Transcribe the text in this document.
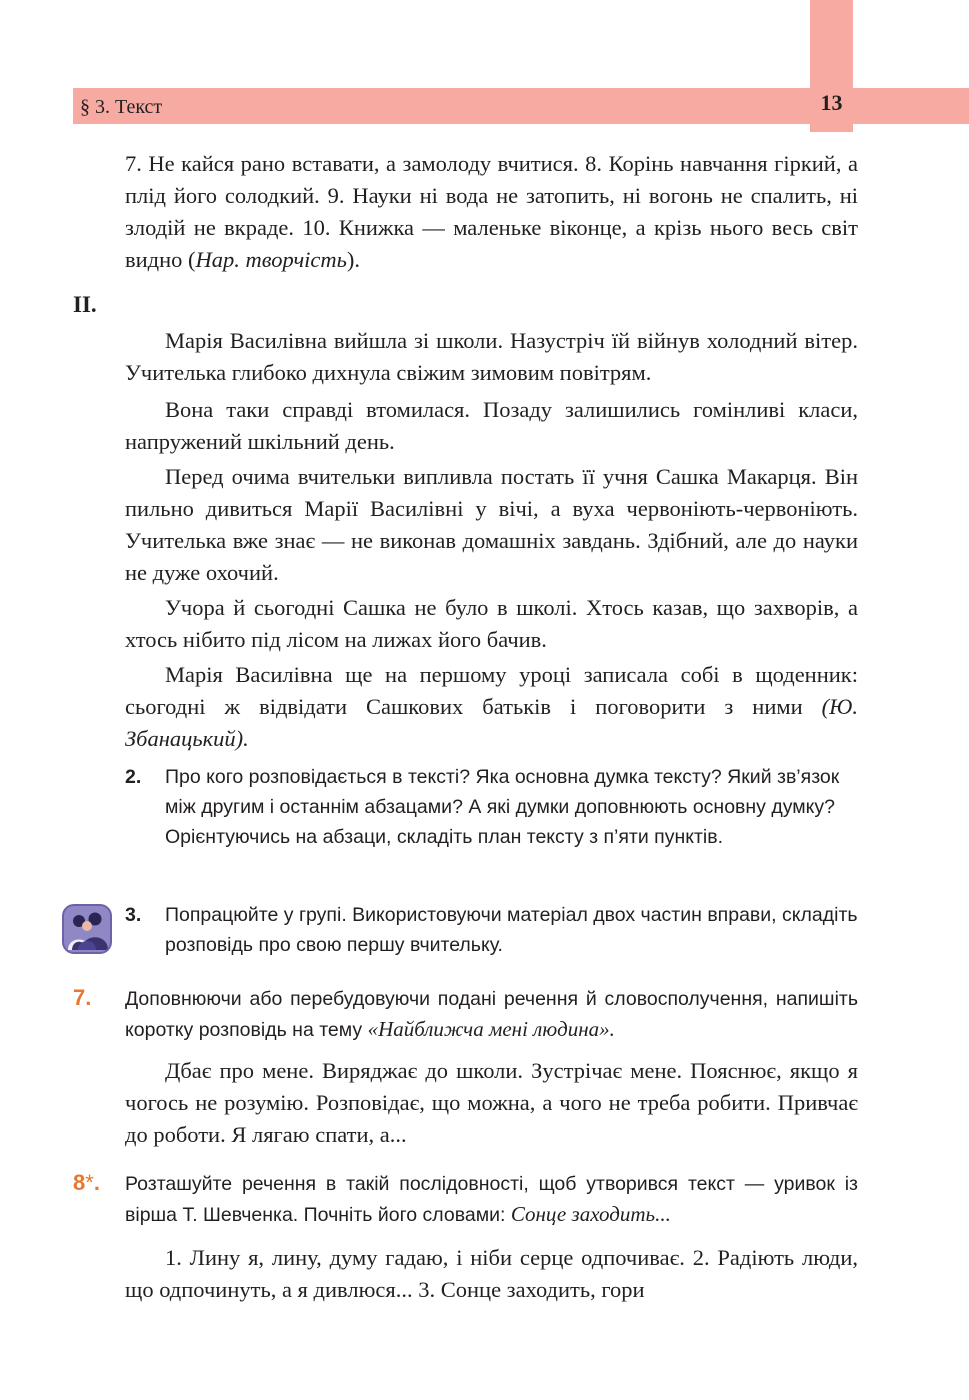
§ 3. Текст	13

7. Не кайся рано вставати, а замолоду вчитися. 8. Корінь навчання гіркий, а плід його солодкий. 9. Науки ні вода не затопить, ні вогонь не спалить, ні злодій не вкраде. 10. Книжка — маленьке віконце, а крізь нього весь світ видно (Нар. творчість).

II.

Марія Василівна вийшла зі школи. Назустріч їй війнув холодний вітер. Учителька глибоко дихнула свіжим зимовим повітрям.

Вона таки справді втомилася. Позаду залишились гомінливі класи, напружений шкільний день.

Перед очима вчительки випливла постать її учня Сашка Макарця. Він пильно дивиться Марії Василівні у вічі, а вуха червоніють-червоніють. Учителька вже знає — не виконав домашніх завдань. Здібний, але до науки не дуже охочий.

Учора й сьогодні Сашка не було в школі. Хтось казав, що захворів, а хтось нібито під лісом на лижах його бачив.

Марія Василівна ще на першому уроці записала собі в щоденник: сьогодні ж відвідати Сашкових батьків і поговорити з ними (Ю. Збанацький).

2. Про кого розповідається в тексті? Яка основна думка тексту? Який зв’язок між другим і останнім абзацами? А які думки доповнюють основну думку? Орієнтуючись на абзаци, складіть план тексту з п’яти пунктів.

3. Попрацюйте у групі. Використовуючи матеріал двох частин вправи, складіть розповідь про свою першу вчительку.

7. Доповнюючи або перебудовуючи подані речення й словосполучення, напишіть коротку розповідь на тему «Найближча мені людина».

Дбає про мене. Виряджає до школи. Зустрічає мене. Пояснює, якщо я чогось не розумію. Розповідає, що можна, а чого не треба робити. Привчає до роботи. Я лягаю спати, а...

8*. Розташуйте речення в такій послідовності, щоб утворився текст — уривок із вірша Т. Шевченка. Почніть його словами: Сонце заходить...

1. Лину я, лину, думу гадаю, і ніби серце одпочиває. 2. Радіють люди, що одпочинуть, а я дивлюся... 3. Сонце заходить, гори
